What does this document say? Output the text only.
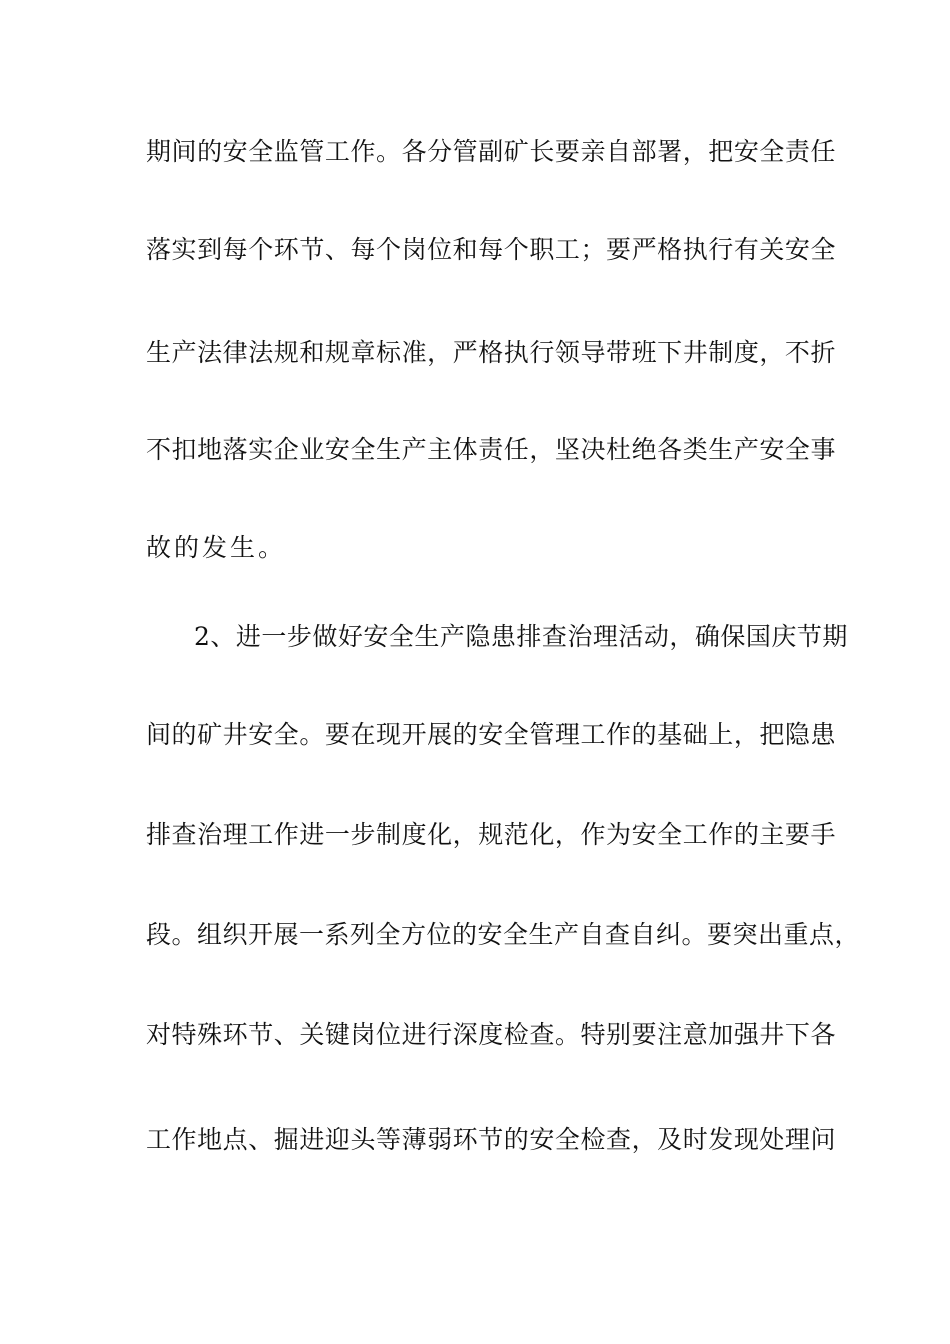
期间的安全监管工作。各分管副矿长要亲自部署，把安全责任
落实到每个环节、每个岗位和每个职工；要严格执行有关安全
生产法律法规和规章标准，严格执行领导带班下井制度，不折
不扣地落实企业安全生产主体责任，坚决杜绝各类生产安全事
故的发生。
2、进一步做好安全生产隐患排查治理活动，确保国庆节期
间的矿井安全。要在现开展的安全管理工作的基础上，把隐患
排查治理工作进一步制度化，规范化，作为安全工作的主要手
段。组织开展一系列全方位的安全生产自查自纠。要突出重点，
对特殊环节、关键岗位进行深度检查。特别要注意加强井下各
工作地点、掘进迎头等薄弱环节的安全检查，及时发现处理问
